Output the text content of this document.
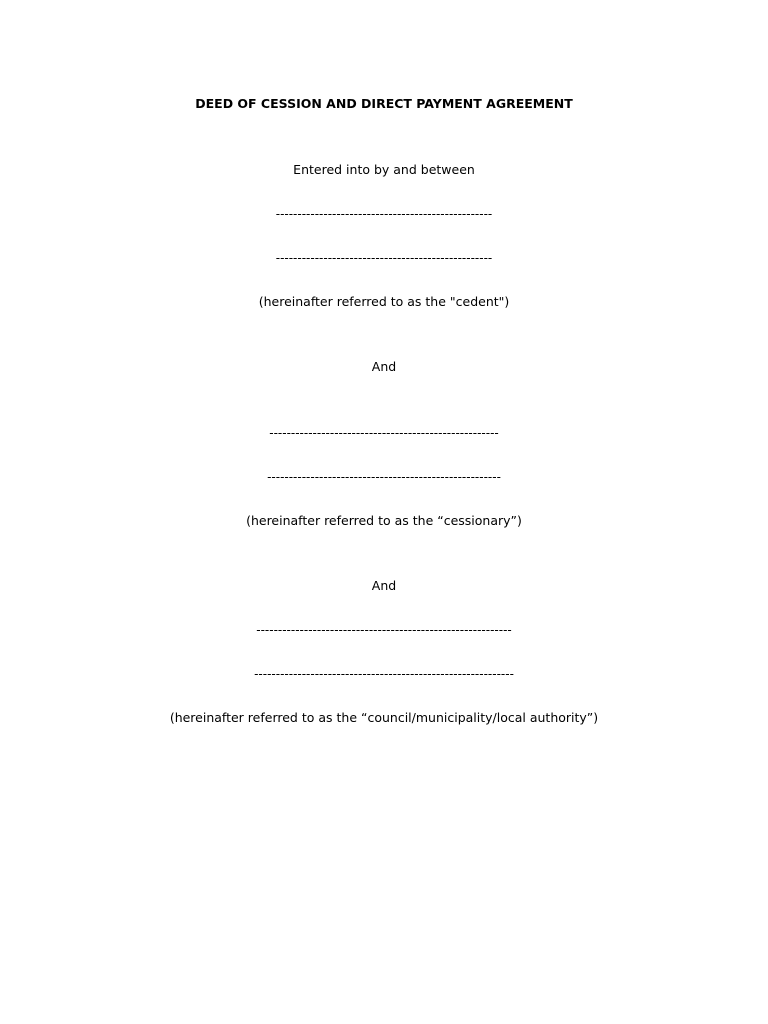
DEED OF CESSION AND DIRECT PAYMENT AGREEMENT
Entered into by and between
--------------------------------------------------
--------------------------------------------------
(hereinafter referred to as the "cedent")
And
-----------------------------------------------------
------------------------------------------------------
(hereinafter referred to as the “cessionary”)
And
-----------------------------------------------------------
------------------------------------------------------------
(hereinafter referred to as the “council/municipality/local authority”)
